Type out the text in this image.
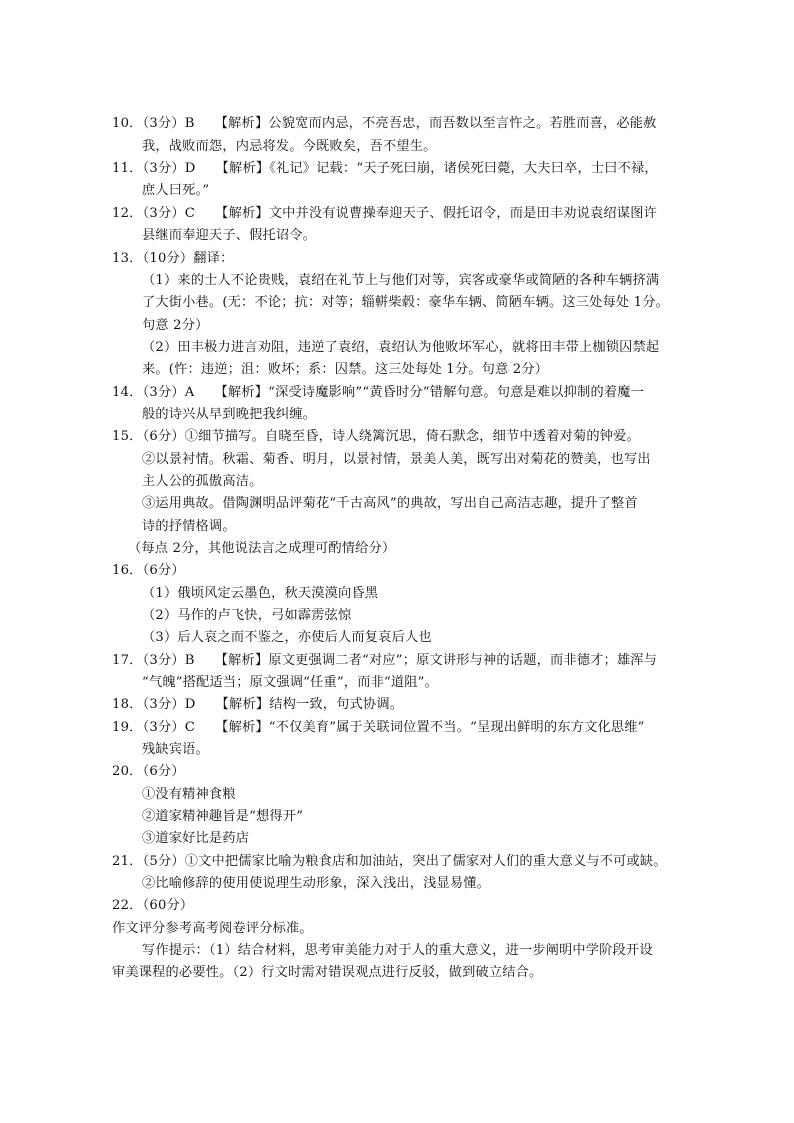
10．（3分）B　　【解析】公貌宽而内忌，不亮吾忠，而吾数以至言忤之。若胜而喜，必能赦
我，战败而怨，内忌将发。今既败矣，吾不望生。
11．（3分）D　　【解析】《礼记》记载：“天子死曰崩，诸侯死曰薨，大夫曰卒，士曰不禄，
庶人曰死。”
12．（3分）C　　【解析】文中并没有说曹操奉迎天子、假托诏令，而是田丰劝说袁绍谋图许
县继而奉迎天子、假托诏令。
13．（10分）翻译：
（1）来的士人不论贵贱，袁绍在礼节上与他们对等，宾客或豪华或简陋的各种车辆挤满
了大街小巷。(无：不论；抗：对等；辎軿柴毂：豪华车辆、简陋车辆。这三处每处 1分。
句意 2分）
（2）田丰极力进言劝阻，违逆了袁绍，袁绍认为他败坏军心，就将田丰带上枷锁囚禁起
来。(忤：违逆；沮：败坏；系：囚禁。这三处每处 1分。句意 2分）
14．（3分）A　　【解析】“深受诗魔影响”“黄昏时分”错解句意。句意是难以抑制的着魔一
般的诗兴从早到晚把我纠缠。
15．（6分）①细节描写。自晓至昏，诗人绕篱沉思，倚石默念，细节中透着对菊的钟爱。
②以景衬情。秋霜、菊香、明月，以景衬情，景美人美，既写出对菊花的赞美，也写出
主人公的孤傲高洁。
③运用典故。借陶渊明品评菊花“千古高风”的典故，写出自己高洁志趣，提升了整首
诗的抒情格调。
（每点 2分，其他说法言之成理可酌情给分）
16．（6分）
（1）俄顷风定云墨色，秋天漠漠向昏黑
（2）马作的卢飞快，弓如霹雳弦惊
（3）后人哀之而不鉴之，亦使后人而复哀后人也
17．（3分）B　　【解析】原文更强调二者“对应”；原文讲形与神的话题，而非德才；雄浑与
“气魄”搭配适当；原文强调“任重”，而非“道阻”。
18．（3分）D　　【解析】结构一致，句式协调。
19．（3分）C　　【解析】“不仅美育”属于关联词位置不当。“呈现出鲜明的东方文化思维”
残缺宾语。
20．（6分）
①没有精神食粮
②道家精神趣旨是“想得开”
③道家好比是药店
21．（5分）①文中把儒家比喻为粮食店和加油站，突出了儒家对人们的重大意义与不可或缺。
②比喻修辞的使用使说理生动形象，深入浅出，浅显易懂。
22．（60分）
作文评分参考高考阅卷评分标准。
写作提示：（1）结合材料，思考审美能力对于人的重大意义，进一步阐明中学阶段开设
审美课程的必要性。（2）行文时需对错误观点进行反驳，做到破立结合。
